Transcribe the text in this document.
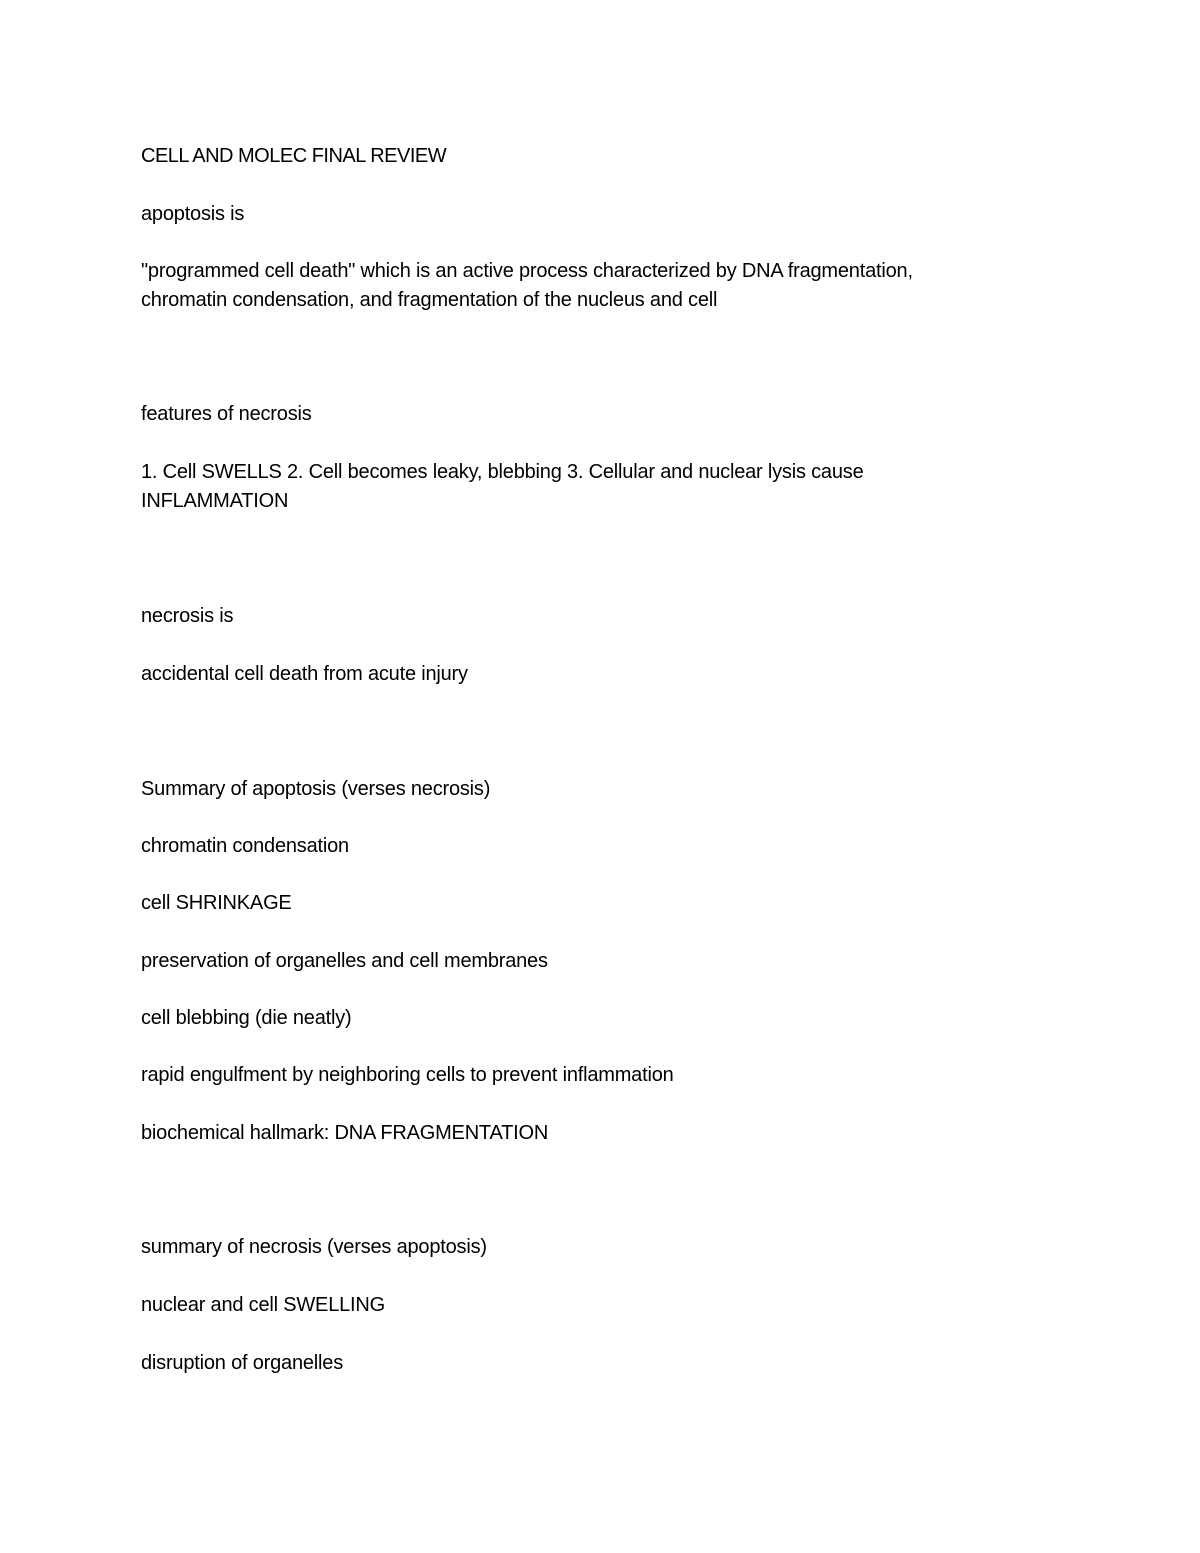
CELL AND MOLEC FINAL REVIEW
apoptosis is
"programmed cell death" which is an active process characterized by DNA fragmentation,
chromatin condensation, and fragmentation of the nucleus and cell
features of necrosis
1. Cell SWELLS 2. Cell becomes leaky, blebbing 3. Cellular and nuclear lysis cause
INFLAMMATION
necrosis is
accidental cell death from acute injury
Summary of apoptosis (verses necrosis)
chromatin condensation
cell SHRINKAGE
preservation of organelles and cell membranes
cell blebbing (die neatly)
rapid engulfment by neighboring cells to prevent inflammation
biochemical hallmark: DNA FRAGMENTATION
summary of necrosis (verses apoptosis)
nuclear and cell SWELLING
disruption of organelles
